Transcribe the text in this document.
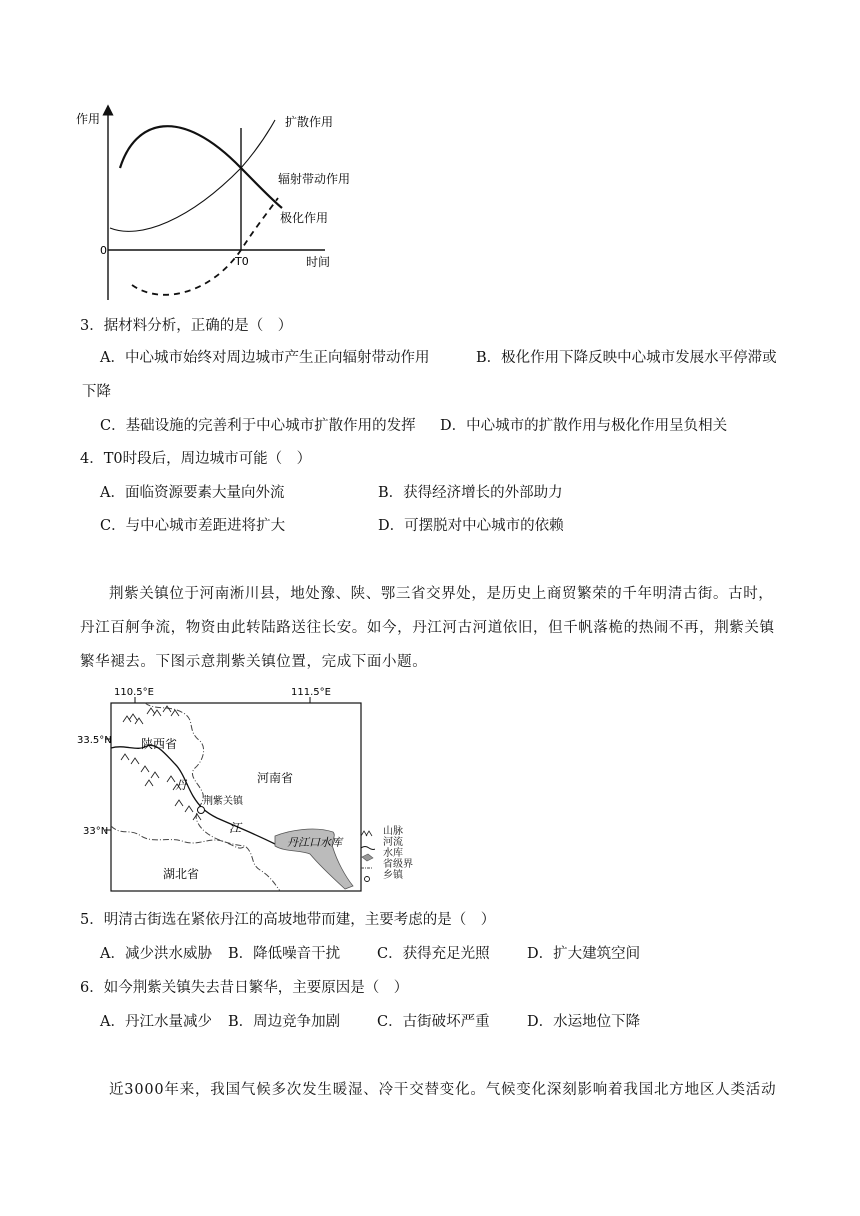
作用
时间
0
T0
扩散作用
辐射带动作用
极化作用
3．据材料分析，正确的是（　）
A．中心城市始终对周边城市产生正向辐射带动作用	B．极化作用下降反映中心城市发展水平停滞或
下降
C．基础设施的完善利于中心城市扩散作用的发挥 D．中心城市的扩散作用与极化作用呈负相关
4．T0时段后，周边城市可能（　）
A．面临资源要素大量向外流	B．获得经济增长的外部助力
C．与中心城市差距进将扩大	D．可摆脱对中心城市的依赖
荆紫关镇位于河南淅川县，地处豫、陕、鄂三省交界处，是历史上商贸繁荣的千年明清古街。古时，丹江百舸争流，物资由此转陆路送往长安。如今，丹江河古河道依旧，但千帆落桅的热闹不再，荆紫关镇繁华褪去。下图示意荆紫关镇位置，完成下面小题。
110.5°E	111.5°E
33.5°N
33°N
陕西省
河南省
湖北省
荆紫关镇
丹
江
丹江口水库
山脉
河流
水库
省级界
乡镇
5．明清古街选在紧依丹江的高坡地带而建，主要考虑的是（　）
A．减少洪水威胁 B．降低噪音干扰	C．获得充足光照	D．扩大建筑空间
6．如今荆紫关镇失去昔日繁华，主要原因是（　）
A．丹江水量减少 B．周边竞争加剧	C．古街破坏严重	D．水运地位下降
近3000年来，我国气候多次发生暖湿、冷干交替变化。气候变化深刻影响着我国北方地区人类活动
